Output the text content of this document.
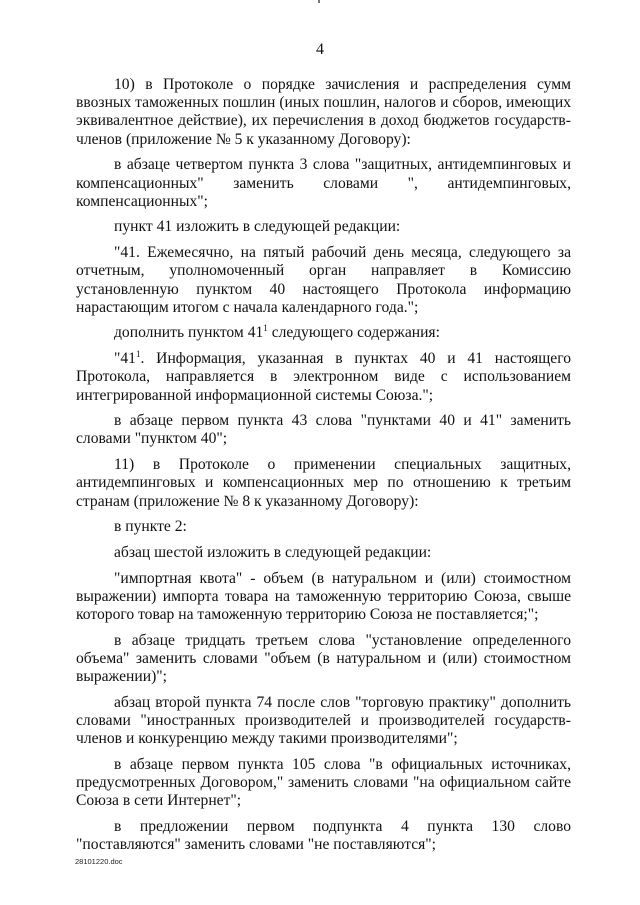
4

10) в Протоколе о порядке зачисления и распределения сумм ввозных таможенных пошлин (иных пошлин, налогов и сборов, имеющих эквивалентное действие), их перечисления в доход бюджетов государств-членов (приложение № 5 к указанному Договору):

в абзаце четвертом пункта 3 слова "защитных, антидемпинговых и компенсационных" заменить словами ", антидемпинговых, компенсационных";

пункт 41 изложить в следующей редакции:

"41. Ежемесячно, на пятый рабочий день месяца, следующего за отчетным, уполномоченный орган направляет в Комиссию установленную пунктом 40 настоящего Протокола информацию нарастающим итогом с начала календарного года.";

дополнить пунктом $41^1$ следующего содержания:

"$41^1$. Информация, указанная в пунктах 40 и 41 настоящего Протокола, направляется в электронном виде с использованием интегрированной информационной системы Союза.";

в абзаце первом пункта 43 слова "пунктами 40 и 41" заменить словами "пунктом 40";

11) в Протоколе о применении специальных защитных, антидемпинговых и компенсационных мер по отношению к третьим странам (приложение № 8 к указанному Договору):

в пункте 2:

абзац шестой изложить в следующей редакции:

"импортная квота" - объем (в натуральном и (или) стоимостном выражении) импорта товара на таможенную территорию Союза, свыше которого товар на таможенную территорию Союза не поставляется;";

в абзаце тридцать третьем слова "установление определенного объема" заменить словами "объем (в натуральном и (или) стоимостном выражении)";

абзац второй пункта 74 после слов "торговую практику" дополнить словами "иностранных производителей и производителей государств-членов и конкуренцию между такими производителями";

в абзаце первом пункта 105 слова "в официальных источниках, предусмотренных Договором," заменить словами "на официальном сайте Союза в сети Интернет";

в предложении первом подпункта 4 пункта 130 слово "поставляются" заменить словами "не поставляются";

28101220.doc
